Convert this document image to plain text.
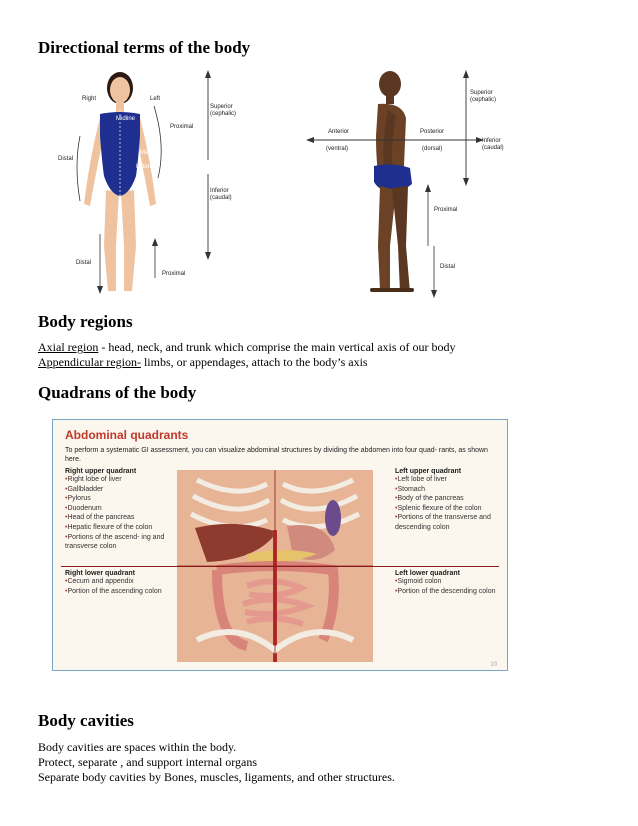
Directional terms of the body
Right	Left
Midline
Proximal
Medial
Lateral
Distal
Superior
(cephalic)
Inferior
(caudal)
Distal
Proximal
Superior
(cephalic)
Anterior
(ventral)
Posterior
(dorsal)
Inferior
(caudal)
Proximal
Distal
Body regions
Axial region - head, neck, and trunk which comprise the main vertical axis of our body
Appendicular region- limbs, or appendages, attach to the body’s axis
Quadrans of the body
Abdominal quadrants
To perform a systematic GI assessment, you can visualize abdominal structures by dividing the abdomen into four quad- rants, as shown here.
Right upper quadrant
• Right lobe of liver
• Gallbladder
• Pylorus
• Duodenum
• Head of the pancreas
• Hepatic flexure of the colon
• Portions of the ascend- ing and transverse colon
Right lower quadrant
• Cecum and appendix
• Portion of the ascending colon
Left upper quadrant
• Left lobe of liver
• Stomach
• Body of the pancreas
• Splenic flexure of the colon
• Portions of the transverse and descending colon
Left lower quadrant
• Sigmoid colon
• Portion of the descending colon
10
Body cavities
Body cavities are spaces within the body.
Protect, separate , and support internal organs
Separate body cavities by Bones, muscles, ligaments, and other structures.
